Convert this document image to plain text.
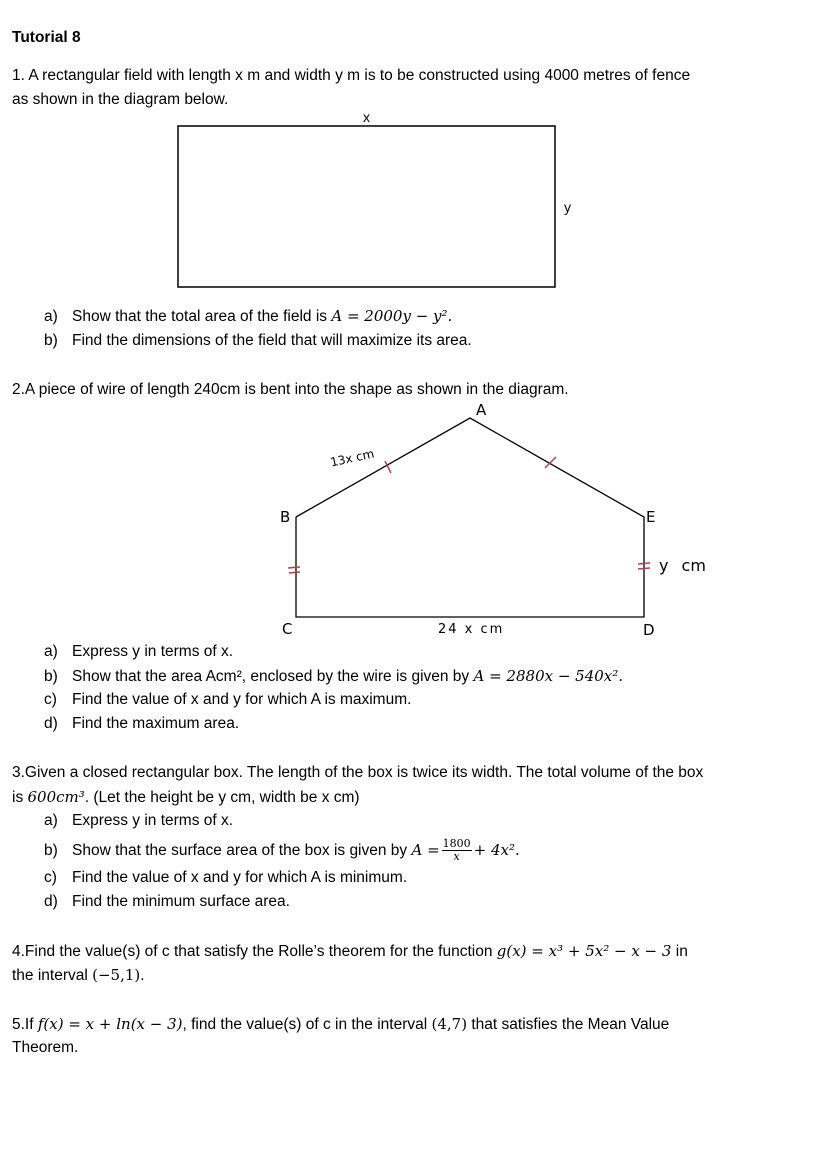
Tutorial 8
1. A rectangular field with length x m and width y m is to be constructed using 4000 metres of fence
as shown in the diagram below.
x
y
A
B
C	D
E
13x cm
24 x cm
y cm
a) Show that the total area of the field is A = 2000y − y².
b) Find the dimensions of the field that will maximize its area.
2.A piece of wire of length 240cm is bent into the shape as shown in the diagram.
a) Express y in terms of x.
b) Show that the area Acm², enclosed by the wire is given by A = 2880x − 540x².
c) Find the value of x and y for which A is maximum.
d) Find the maximum area.
3.Given a closed rectangular box. The length of the box is twice its width. The total volume of the box
is 600cm³. (Let the height be y cm, width be x cm)
a) Express y in terms of x.
b) Show that the surface area of the box is given by $A = \frac{1800}{x} + 4x^2$.
c) Find the value of x and y for which A is minimum.
d) Find the minimum surface area.
4.Find the value(s) of c that satisfy the Rolle’s theorem for the function g(x) = x³ + 5x² − x − 3 in
the interval (−5,1).
5.If f(x) = x + ln(x − 3), find the value(s) of c in the interval (4,7) that satisfies the Mean Value
Theorem.
